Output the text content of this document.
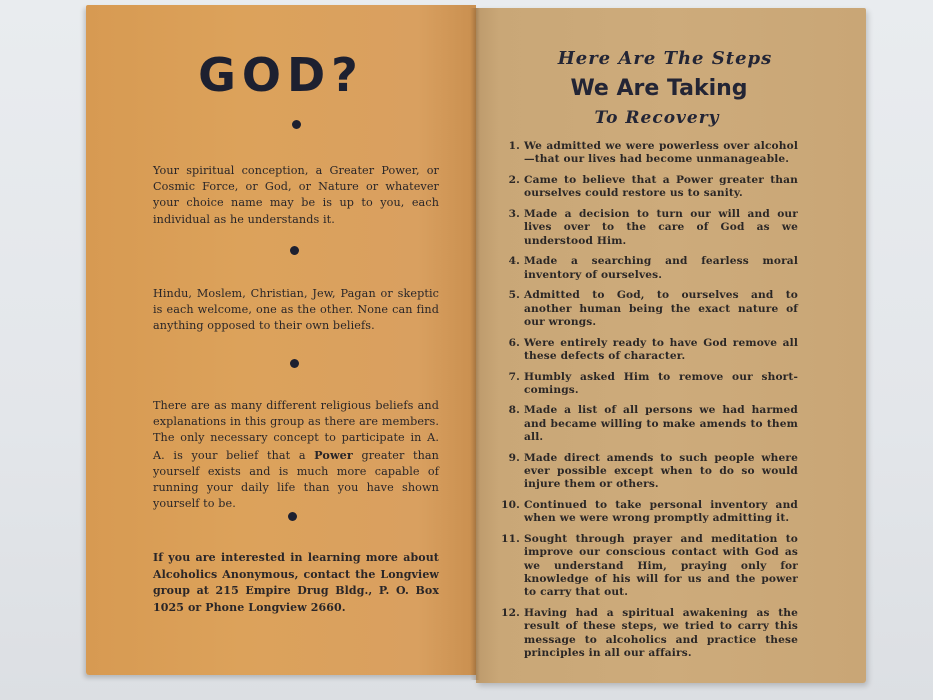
GOD?
Your spiritual conception, a Greater Power, or Cosmic Force, or God, or Nature or whatever your choice name may be is up to you, each individual as he understands it.
Hindu, Moslem, Christian, Jew, Pagan or skeptic is each welcome, one as the other. None can find anything opposed to their own beliefs.
There are as many different religious beliefs and explanations in this group as there are members. The only necessary concept to participate in A. A. is your belief that a Power greater than yourself exists and is much more capable of running your daily life than you have shown yourself to be.
If you are interested in learning more about Alcoholics Anonymous, contact the Longview group at 215 Empire Drug Bldg., P. O. Box 1025 or Phone Longview 2660.
Here Are The Steps
We Are Taking
To Recovery
1. We admitted we were powerless over alcohol —that our lives had become unmanageable.
2. Came to believe that a Power greater than ourselves could restore us to sanity.
3. Made a decision to turn our will and our lives over to the care of God as we understood Him.
4. Made a searching and fearless moral inventory of ourselves.
5. Admitted to God, to ourselves and to another human being the exact nature of our wrongs.
6. Were entirely ready to have God remove all these defects of character.
7. Humbly asked Him to remove our short-comings.
8. Made a list of all persons we had harmed and became willing to make amends to them all.
9. Made direct amends to such people where ever possible except when to do so would injure them or others.
10. Continued to take personal inventory and when we were wrong promptly admitting it.
11. Sought through prayer and meditation to improve our conscious contact with God as we understand Him, praying only for knowledge of his will for us and the power to carry that out.
12. Having had a spiritual awakening as the result of these steps, we tried to carry this message to alcoholics and practice these principles in all our affairs.
